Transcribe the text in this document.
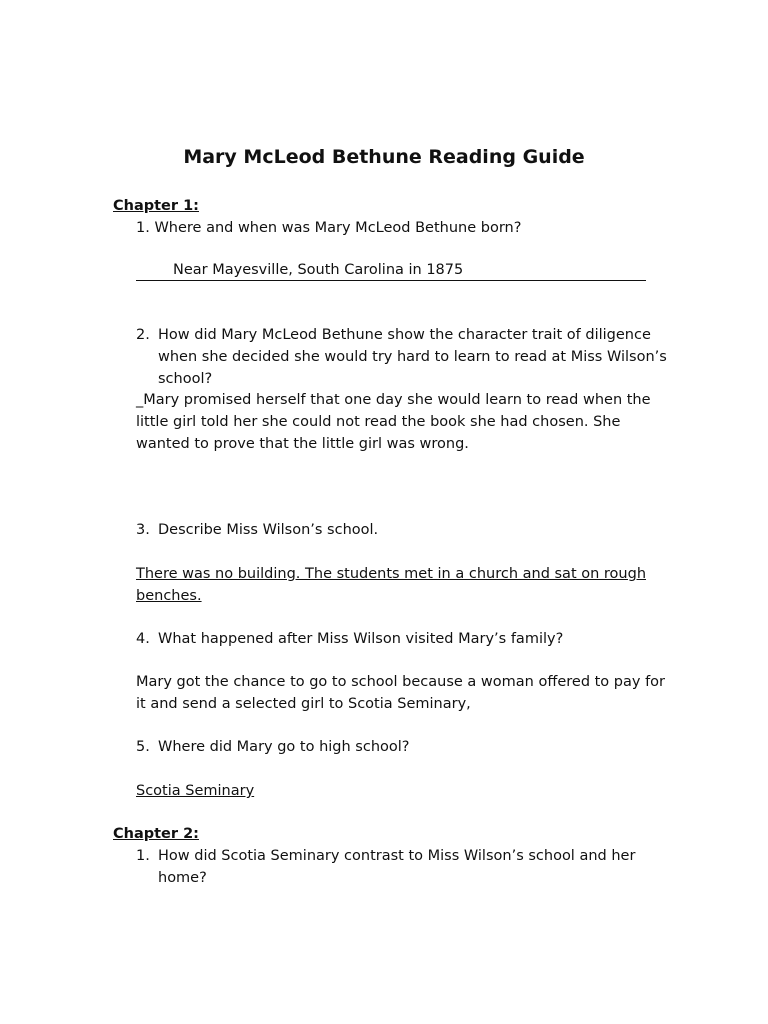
Mary McLeod Bethune Reading Guide
Chapter 1:
1. Where and when was Mary McLeod Bethune born?
Near Mayesville, South Carolina in 1875
2. How did Mary McLeod Bethune show the character trait of diligence
when she decided she would try hard to learn to read at Miss Wilson’s
school?
_Mary promised herself that one day she would learn to read when the
little girl told her she could not read the book she had chosen. She
wanted to prove that the little girl was wrong.
3. Describe Miss Wilson’s school.
There was no building. The students met in a church and sat on rough
benches.
4. What happened after Miss Wilson visited Mary’s family?
Mary got the chance to go to school because a woman offered to pay for
it and send a selected girl to Scotia Seminary,
5. Where did Mary go to high school?
Scotia Seminary
Chapter 2:
1. How did Scotia Seminary contrast to Miss Wilson’s school and her
home?
